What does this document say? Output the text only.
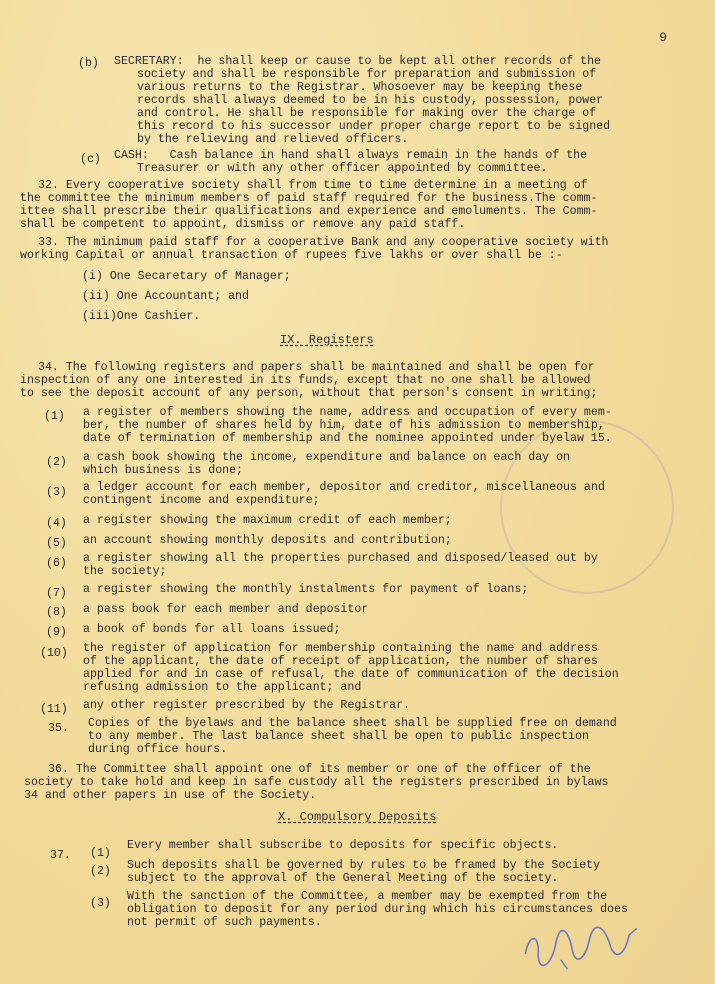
9
(b) SECRETARY:  he shall keep or cause to be kept all other records of the
society and shall be responsible for preparation and submission of
various returns to the Registrar. Whosoever may be keeping these
records shall always deemed to be in his custody, possession, power
and control. He shall be responsible for making over the charge of
this record to his successor under proper charge report to be signed
by the relieving and relieved officers.
(c) CASH:   Cash balance in hand shall always remain in the hands of the
Treasurer or with any other officer appointed by committee.
32. Every cooperative society shall from time to time determine in a meeting of
the committee the minimum members of paid staff required for the business.The comm-
ittee shall prescribe their qualifications and experience and emoluments. The Comm-
shall be competent to appoint, dismiss or remove any paid staff.
33. The minimum paid staff for a cooperative Bank and any cooperative society with
working Capital or annual transaction of rupees five lakhs or over shall be :-
(i) One Secaretary of Manager;
(ii) One Accountant; and
(iii)One Cashier.
IX. Registers
34. The following registers and papers shall be maintained and shall be open for
inspection of any one interested in its funds, except that no one shall be allowed
to see the deposit account of any person, without that person's consent in writing;
(1) a register of members showing the name, address and occupation of every mem-
ber, the number of shares held by him, date of his admission to membership,
date of termination of membership and the nominee appointed under byelaw 15.
(2) a cash book showing the income, expenditure and balance on each day on
which business is done;
(3) a ledger account for each member, depositor and creditor, miscellaneous and
contingent income and expenditure;
(4) a register showing the maximum credit of each member;
(5) an account showing monthly deposits and contribution;
(6) a register showing all the properties purchased and disposed/leased out by
the society;
(7) a register showing the monthly instalments for payment of loans;
(8) a pass book for each member and depositor
(9) a book of bonds for all loans issued;
(10) the register of application for membership containing the name and address
of the applicant, the date of receipt of application, the number of shares
applied for and in case of refusal, the date of communication of the decision
refusing admission to the applicant; and
(11) any other register prescribed by the Registrar.
35. Copies of the byelaws and the balance sheet shall be supplied free on demand
to any member. The last balance sheet shall be open to public inspection
during office hours.
36. The Committee shall appoint one of its member or one of the officer of the
society to take hold and keep in safe custody all the registers prescribed in bylaws
34 and other papers in use of the Society.
X. Compulsory Deposits
37. (1)
Every member shall subscribe to deposits for specific objects.
(2) Such deposits shall be governed by rules to be framed by the Society
subject to the approval of the General Meeting of the society.
(3)
With the sanction of the Committee, a member may be exempted from the
obligation to deposit for any period during which his circumstances does
not permit of such payments.
